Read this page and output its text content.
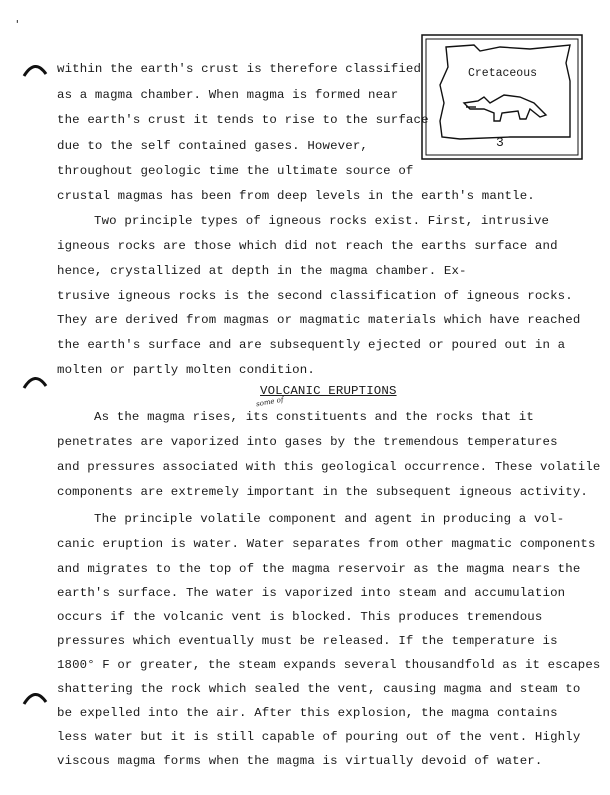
'
Cretaceous
3
within the earth's crust is therefore classified
as a magma chamber. When magma is formed near
the earth's crust it tends to rise to the surface
due to the self contained gases. However,
throughout geologic time the ultimate source of
crustal magmas has been from deep levels in the earth's mantle.
Two principle types of igneous rocks exist. First, intrusive
igneous rocks are those which did not reach the earths surface and
hence, crystallized at depth in the magma chamber. Ex-
trusive igneous rocks is the second classification of igneous rocks.
They are derived from magmas or magmatic materials which have reached
the earth's surface and are subsequently ejected or poured out in a
molten or partly molten condition.
VOLCANIC ERUPTIONS
some of
As the magma rises, its constituents and the rocks that it
penetrates are vaporized into gases by the tremendous temperatures
and pressures associated with this geological occurrence. These volatile
components are extremely important in the subsequent igneous activity.
The principle volatile component and agent in producing a vol-
canic eruption is water. Water separates from other magmatic components
and migrates to the top of the magma reservoir as the magma nears the
earth's surface. The water is vaporized into steam and accumulation
occurs if the volcanic vent is blocked. This produces tremendous
pressures which eventually must be released. If the temperature is
1800° F or greater, the steam expands several thousandfold as it escapes
shattering the rock which sealed the vent, causing magma and steam to
be expelled into the air. After this explosion, the magma contains
less water but it is still capable of pouring out of the vent. Highly
viscous magma forms when the magma is virtually devoid of water.
